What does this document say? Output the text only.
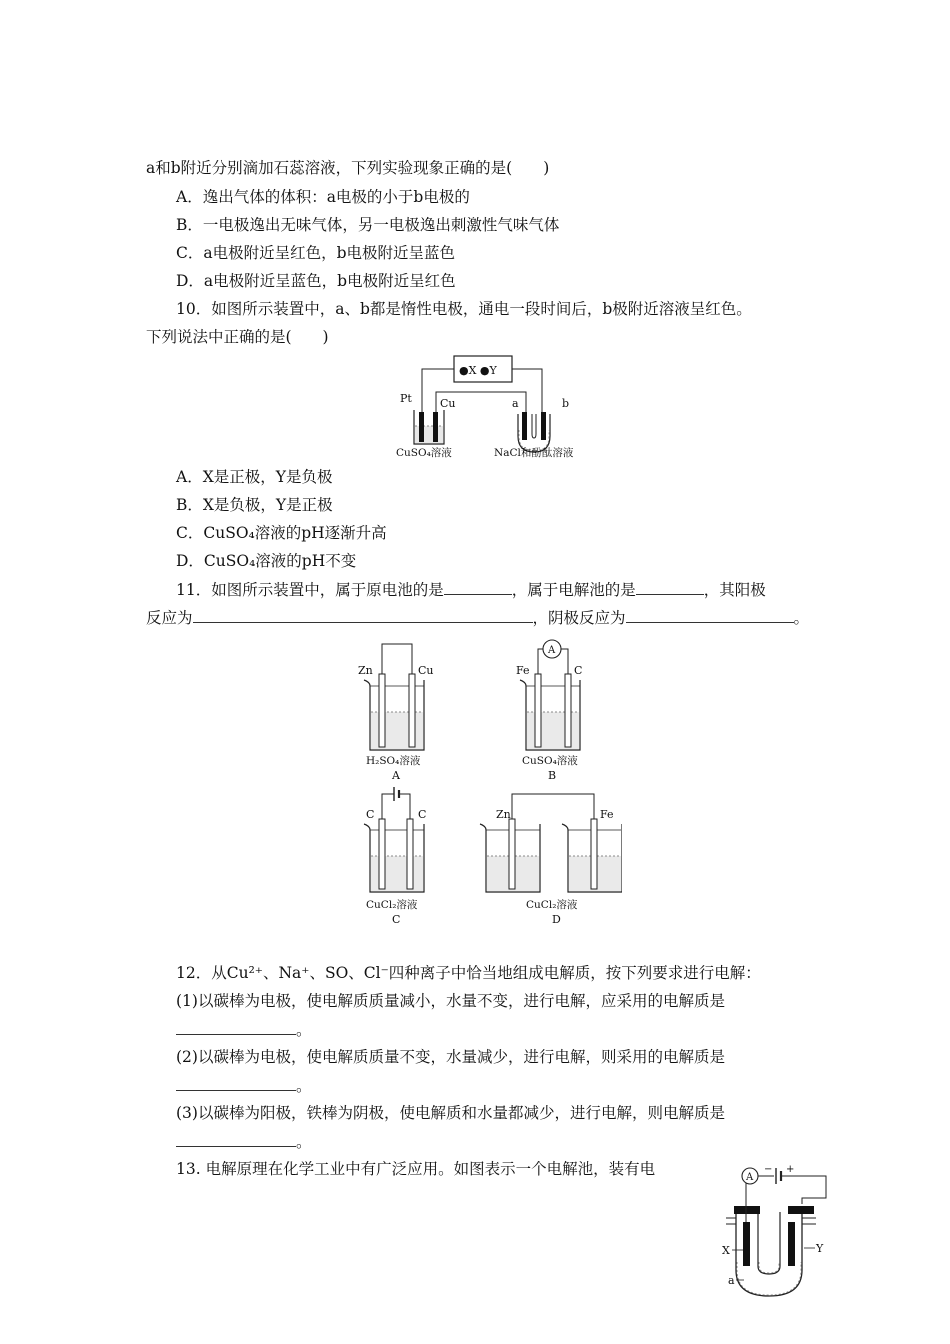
a和b附近分别滴加石蕊溶液，下列实验现象正确的是(　　)
A．逸出气体的体积：a电极的小于b电极的
B．一电极逸出无味气体，另一电极逸出刺激性气味气体
C．a电极附近呈红色，b电极附近呈蓝色
D．a电极附近呈蓝色，b电极附近呈红色
10．如图所示装置中，a、b都是惰性电极，通电一段时间后，b极附近溶液呈红色。
下列说法中正确的是(　　)
●X ●Y
Pt	Cu
CuSO₄溶液
a	b
NaCl和酚酞溶液
A．X是正极，Y是负极
B．X是负极，Y是正极
C．CuSO₄溶液的pH逐渐升高
D．CuSO₄溶液的pH不变
11．如图所示装置中，属于原电池的是	，属于电解池的是	，其阳极
反应为	，阴极反应为	。
Zn	Cu
H₂SO₄溶液
A
A
Fe	C
CuSO₄溶液
B
C	C
CuCl₂溶液
C
Zn	Fe
CuCl₂溶液
D
12．从Cu²⁺、Na⁺、SO、Cl⁻四种离子中恰当地组成电解质，按下列要求进行电解：
(1)以碳棒为电极，使电解质质量减小，水量不变，进行电解，应采用的电解质是
。
(2)以碳棒为电极，使电解质质量不变，水量减少，进行电解，则采用的电解质是
。
(3)以碳棒为阳极，铁棒为阴极，使电解质和水量都减少，进行电解，则电解质是
。
13. 电解原理在化学工业中有广泛应用。如图表示一个电解池，装有电	A
− +
X	Y
a
